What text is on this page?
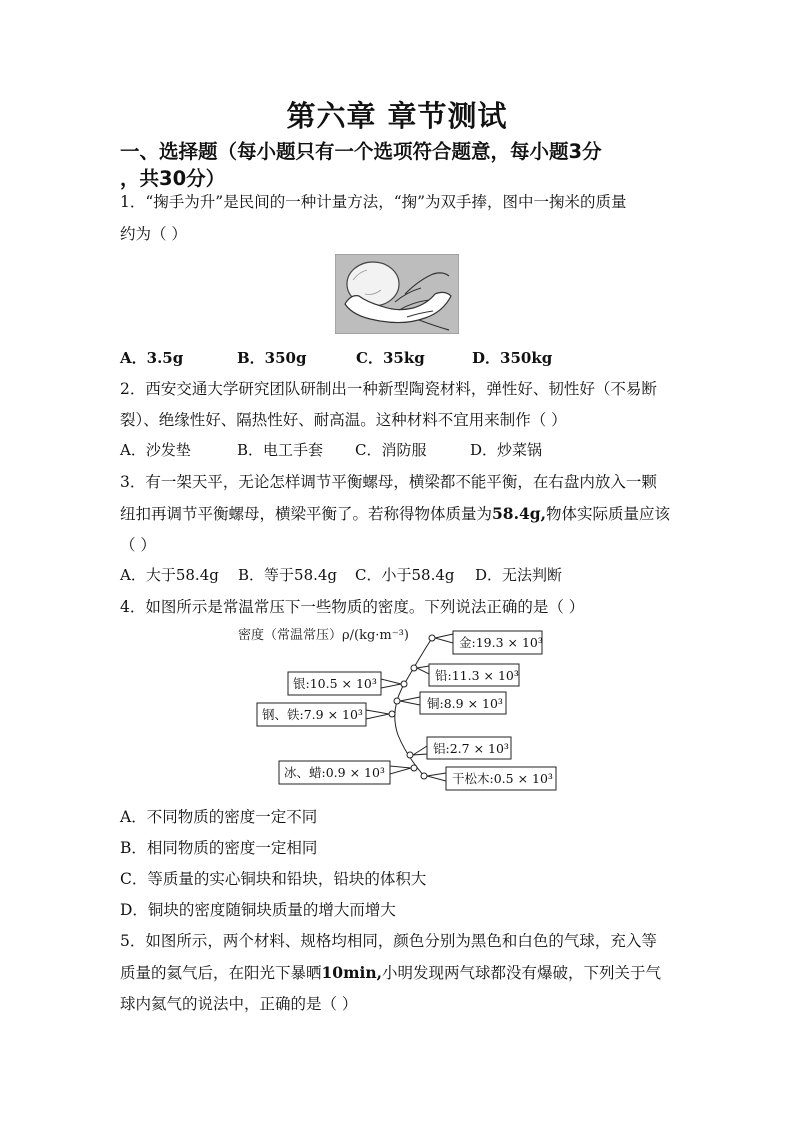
第六章 章节测试
一、选择题（每小题只有一个选项符合题意，每小题3分
，共30分）
1．“掬手为升”是民间的一种计量方法，“掬”为双手捧，图中一掬米的质量
约为（ ）
A．3.5g	B．350g	C．35kg	D．350kg
2．西安交通大学研究团队研制出一种新型陶瓷材料，弹性好、韧性好（不易断
裂）、绝缘性好、隔热性好、耐高温。这种材料不宜用来制作（ ）
A．沙发垫	B．电工手套 C．消防服	D．炒菜锅
3．有一架天平，无论怎样调节平衡螺母，横梁都不能平衡，在右盘内放入一颗
纽扣再调节平衡螺母，横梁平衡了。若称得物体质量为58.4g,物体实际质量应该
（ ）
A．大于58.4g B．等于58.4g C．小于58.4g D．无法判断
4．如图所示是常温常压下一些物质的密度。下列说法正确的是（ ）
密度（常温常压）ρ/(kg·m⁻³)	金:19.3 × 10³
铅:11.3 × 10³
银:10.5 × 10³
铜:8.9 × 10³
钢、铁:7.9 × 10³
铝:2.7 × 10³
冰、蜡:0.9 × 10³	干松木:0.5 × 10³
A．不同物质的密度一定不同
B．相同物质的密度一定相同
C．等质量的实心铜块和铅块，铅块的体积大
D．铜块的密度随铜块质量的增大而增大
5．如图所示，两个材料、规格均相同，颜色分别为黑色和白色的气球，充入等
质量的氦气后，在阳光下暴晒10min,小明发现两气球都没有爆破，下列关于气
球内氦气的说法中，正确的是（ ）
